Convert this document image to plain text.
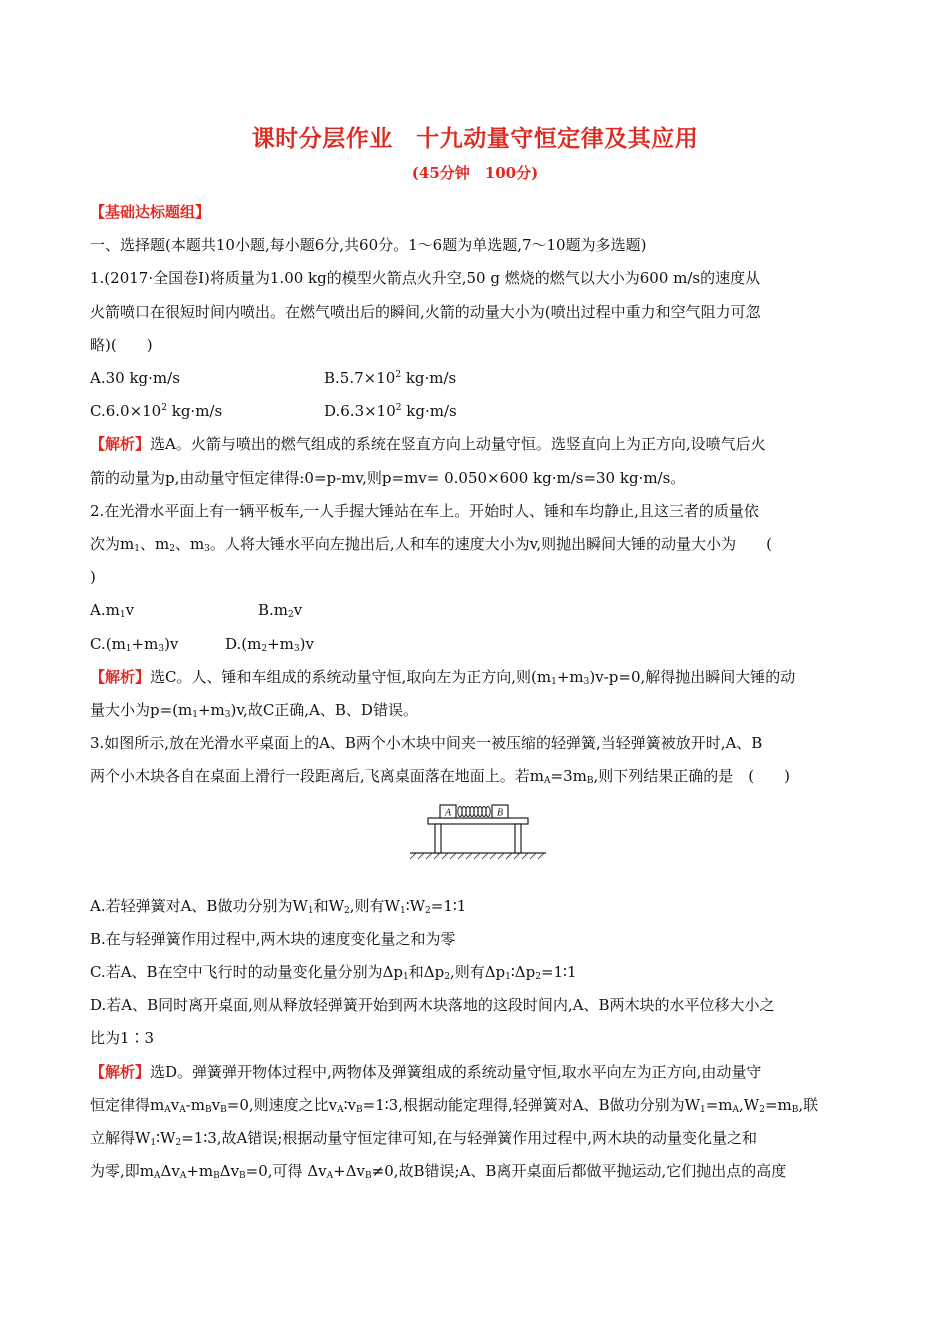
课时分层作业　十九动量守恒定律及其应用
(45分钟　100分)
【基础达标题组】
一、选择题(本题共10小题,每小题6分,共60分。1～6题为单选题,7～10题为多选题)
1.(2017·全国卷Ⅰ)将质量为1.00 kg的模型火箭点火升空,50 g 燃烧的燃气以大小为600 m/s的速度从
火箭喷口在很短时间内喷出。在燃气喷出后的瞬间,火箭的动量大小为(喷出过程中重力和空气阻力可忽
略)(　　)
A.30 kg·m/s	$B.5.7\times 10^2$ kg·m/s
$C.6.0\times 10^2$ kg·m/s	$D.6.3\times 10^2$ kg·m/s
【解析】选A。火箭与喷出的燃气组成的系统在竖直方向上动量守恒。选竖直向上为正方向,设喷气后火
箭的动量为p,由动量守恒定律得:0=p-mv,则p=mv= 0.050×600 kg·m/s=30 kg·m/s。
2.在光滑水平面上有一辆平板车,一人手握大锤站在车上。开始时人、锤和车均静止,且这三者的质量依
次为$m_1$、$m_2$、$m_3$。人将大锤水平向左抛出后,人和车的速度大小为v,则抛出瞬间大锤的动量大小为　　(
)
$A.m_1v$	$B.m_2v$
$C.(m_1+m_3)v$	$D.(m_2+m_3)v$
【解析】选C。人、锤和车组成的系统动量守恒,取向左为正方向,则$(m_1+m_3)v-p=0$,解得抛出瞬间大锤的动
量大小为$p=(m_1+m_3)v$,故C正确,A、B、D错误。
3.如图所示,放在光滑水平桌面上的A、B两个小木块中间夹一被压缩的轻弹簧,当轻弹簧被放开时,A、B
两个小木块各自在桌面上滑行一段距离后,飞离桌面落在地面上。若$m_A=3m_B$,则下列结果正确的是　(　　)
A	B
A.若轻弹簧对A、B做功分别为$W_1$和$W_2$,则有$W_1∶W_2=1∶1$
B.在与轻弹簧作用过程中,两木块的速度变化量之和为零
C.若A、B在空中飞行时的动量变化量分别为$\Delta p_1$和$\Delta p_2$,则有$\Delta p_1∶\Delta p_2=1∶1$
D.若A、B同时离开桌面,则从释放轻弹簧开始到两木块落地的这段时间内,A、B两木块的水平位移大小之
比为1∶3
【解析】选D。弹簧弹开物体过程中,两物体及弹簧组成的系统动量守恒,取水平向左为正方向,由动量守
恒定律得$m_Av_A-m_Bv_B=0$,则速度之比$v_A∶v_B=1∶3$,根据动能定理得,轻弹簧对A、B做功分别为$W_1=m_A,W_2=m_B$,联
立解得$W_1∶W_2=1∶3$,故A错误;根据动量守恒定律可知,在与轻弹簧作用过程中,两木块的动量变化量之和
为零,即$m_A\Delta v_A+m_B\Delta v_B=0$,可得 $\Delta v_A+\Delta v_B\ne 0$,故B错误;A、B离开桌面后都做平抛运动,它们抛出点的高度
